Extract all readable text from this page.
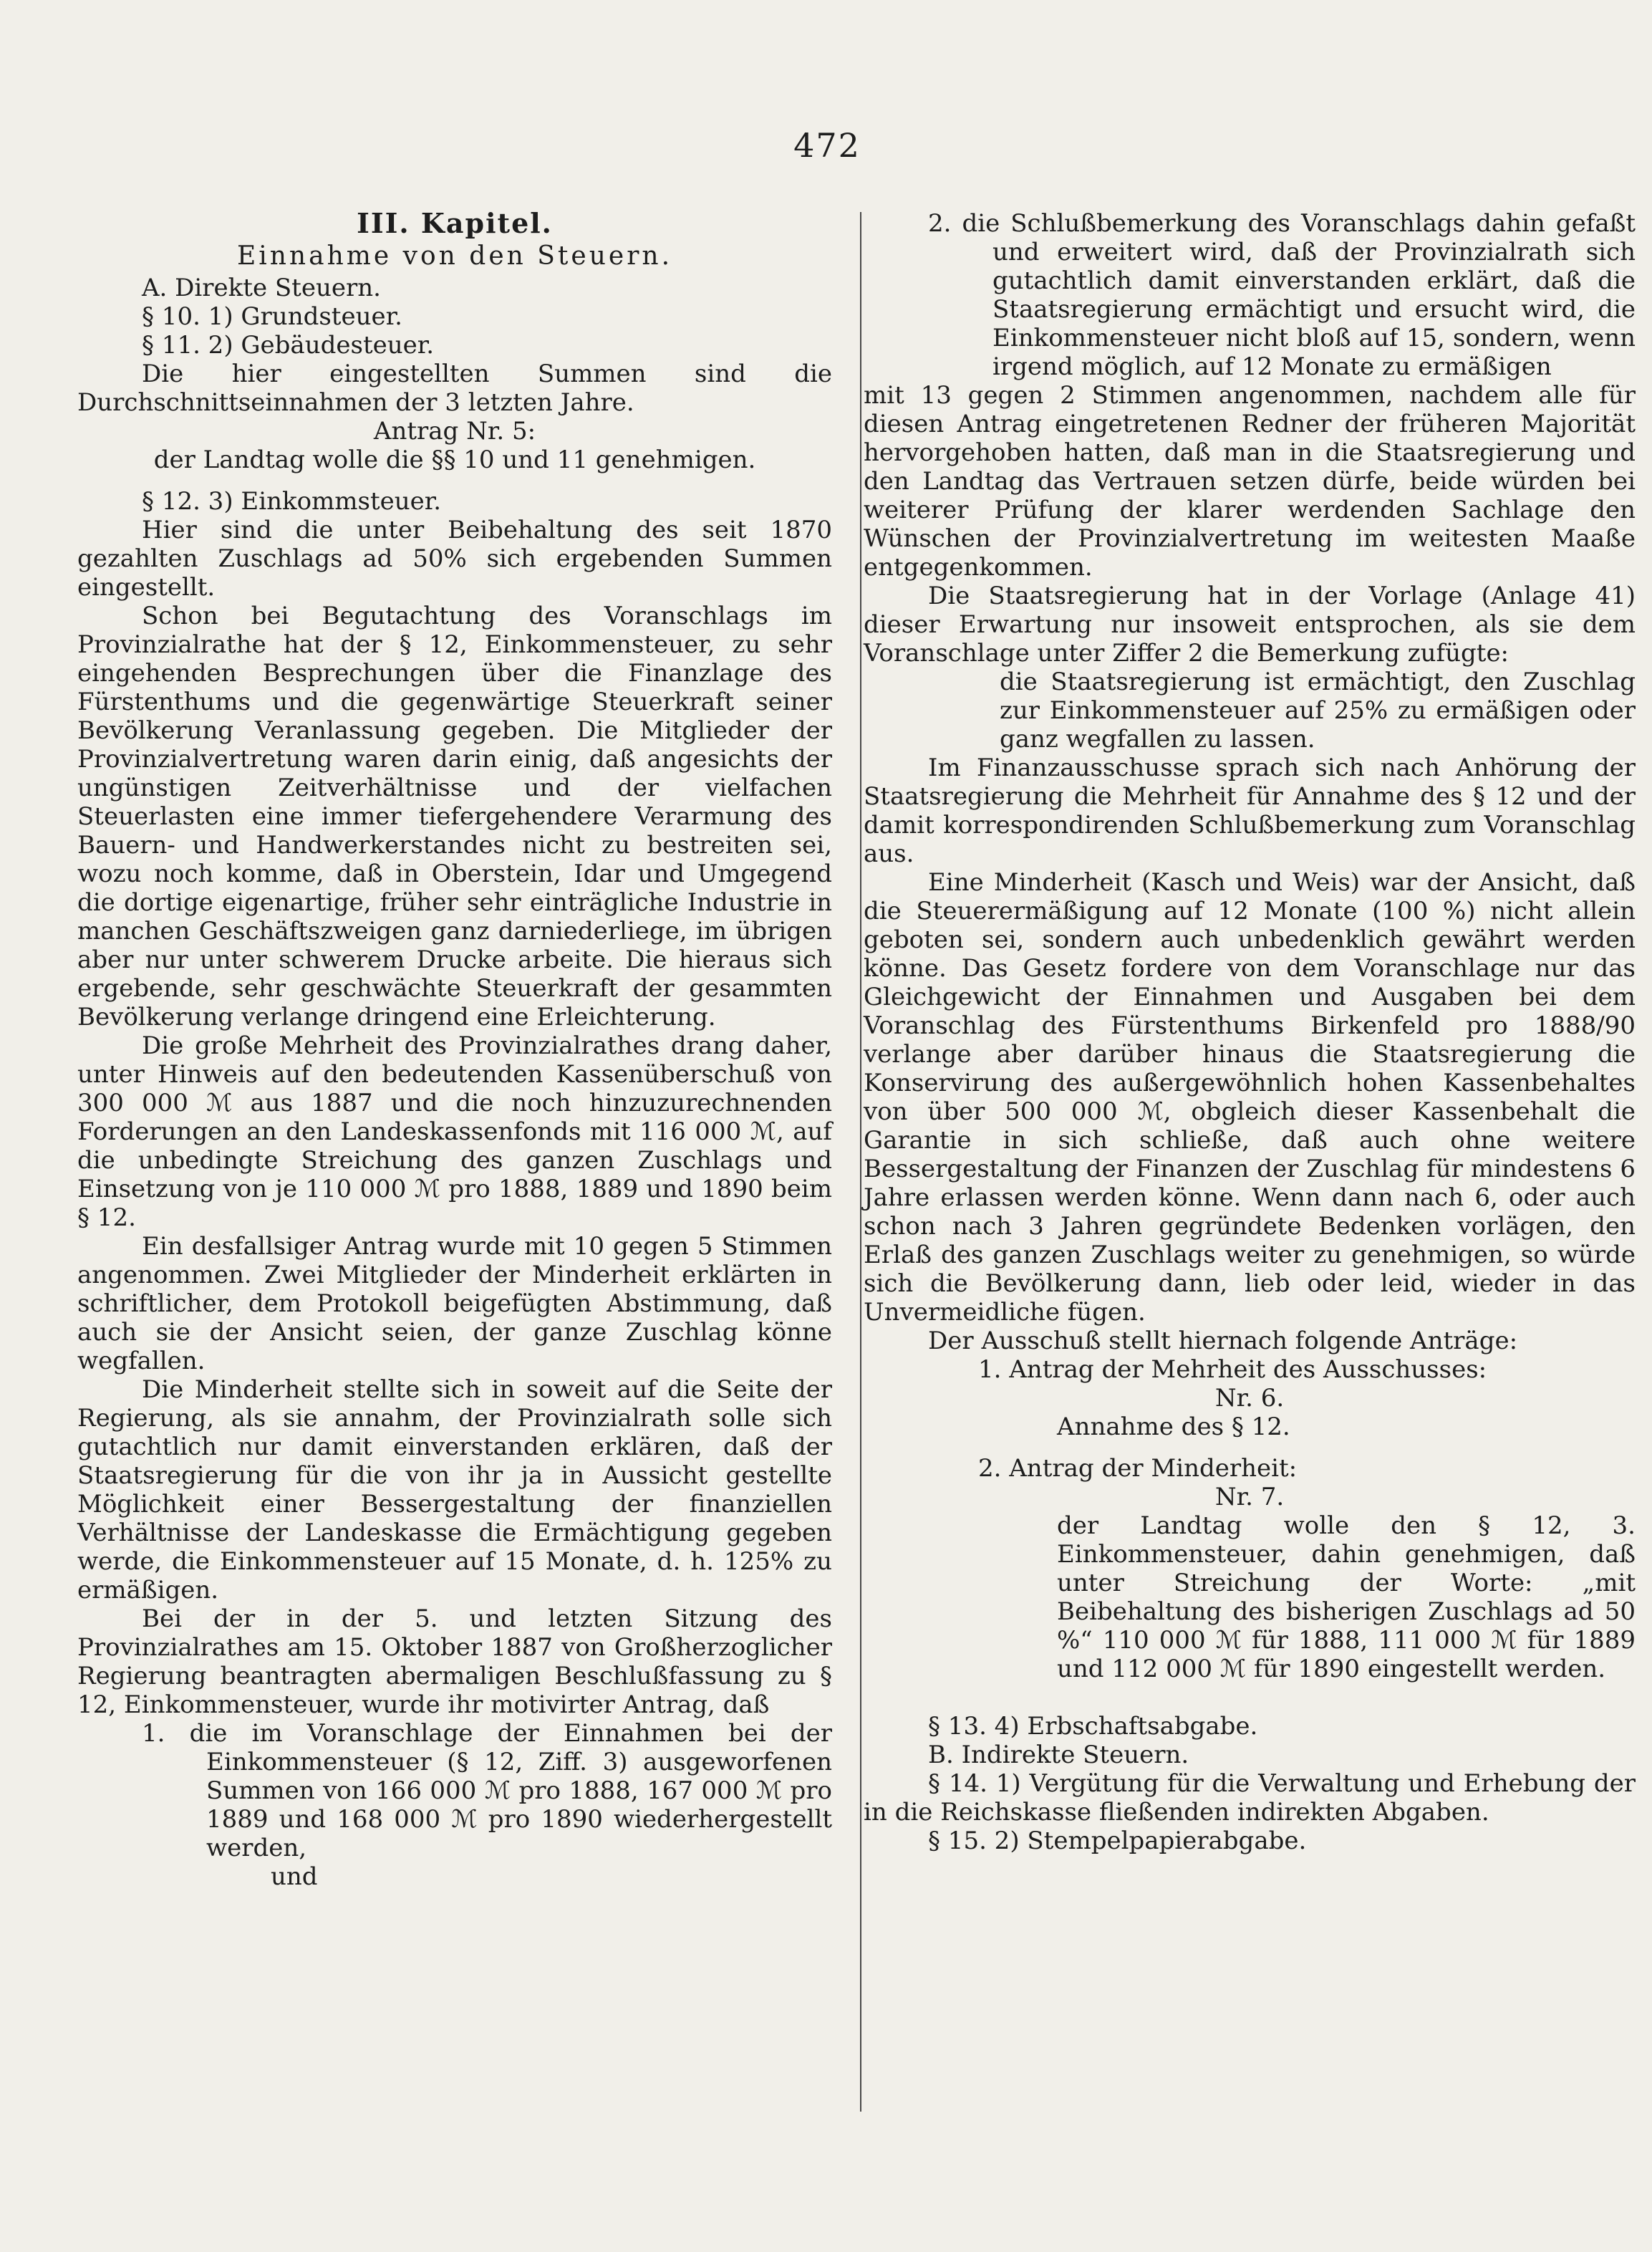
472

III. Kapitel.

Einnahme von den Steuern.

A. Direkte Steuern.

§ 10. 1) Grundsteuer.

§ 11. 2) Gebäudesteuer.

Die hier eingestellten Summen sind die Durchschnittseinnahmen der 3 letzten Jahre.

Antrag Nr. 5:

der Landtag wolle die §§ 10 und 11 genehmigen.

§ 12. 3) Einkommsteuer.

Hier sind die unter Beibehaltung des seit 1870 gezahlten Zuschlags ad 50% sich ergebenden Summen eingestellt.

Schon bei Begutachtung des Voranschlags im Provinzialrathe hat der § 12, Einkommensteuer, zu sehr eingehenden Besprechungen über die Finanzlage des Fürstenthums und die gegenwärtige Steuerkraft seiner Bevölkerung Veranlassung gegeben. Die Mitglieder der Provinzialvertretung waren darin einig, daß angesichts der ungünstigen Zeitverhältnisse und der vielfachen Steuerlasten eine immer tiefergehendere Verarmung des Bauern- und Handwerkerstandes nicht zu bestreiten sei, wozu noch komme, daß in Oberstein, Idar und Umgegend die dortige eigenartige, früher sehr einträgliche Industrie in manchen Geschäftszweigen ganz darniederliege, im übrigen aber nur unter schwerem Drucke arbeite. Die hieraus sich ergebende, sehr geschwächte Steuerkraft der gesammten Bevölkerung verlange dringend eine Erleichterung.

Die große Mehrheit des Provinzialrathes drang daher, unter Hinweis auf den bedeutenden Kassenüberschuß von 300 000 ℳ aus 1887 und die noch hinzuzurechnenden Forderungen an den Landeskassenfonds mit 116 000 ℳ, auf die unbedingte Streichung des ganzen Zuschlags und Einsetzung von je 110 000 ℳ pro 1888, 1889 und 1890 beim § 12.

Ein desfallsiger Antrag wurde mit 10 gegen 5 Stimmen angenommen. Zwei Mitglieder der Minderheit erklärten in schriftlicher, dem Protokoll beigefügten Abstimmung, daß auch sie der Ansicht seien, der ganze Zuschlag könne wegfallen.

Die Minderheit stellte sich in soweit auf die Seite der Regierung, als sie annahm, der Provinzialrath solle sich gutachtlich nur damit einverstanden erklären, daß der Staatsregierung für die von ihr ja in Aussicht gestellte Möglichkeit einer Bessergestaltung der finanziellen Verhältnisse der Landeskasse die Ermächtigung gegeben werde, die Einkommensteuer auf 15 Monate, d. h. 125% zu ermäßigen.

Bei der in der 5. und letzten Sitzung des Provinzialrathes am 15. Oktober 1887 von Großherzoglicher Regierung beantragten abermaligen Beschlußfassung zu § 12, Einkommensteuer, wurde ihr motivirter Antrag, daß

1. die im Voranschlage der Einnahmen bei der Einkommensteuer (§ 12, Ziff. 3) ausgeworfenen Summen von 166 000 ℳ pro 1888, 167 000 ℳ pro 1889 und 168 000 ℳ pro 1890 wiederhergestellt werden,

und

2. die Schlußbemerkung des Voranschlags dahin gefaßt und erweitert wird, daß der Provinzialrath sich gutachtlich damit einverstanden erklärt, daß die Staatsregierung ermächtigt und ersucht wird, die Einkommensteuer nicht bloß auf 15, sondern, wenn irgend möglich, auf 12 Monate zu ermäßigen

mit 13 gegen 2 Stimmen angenommen, nachdem alle für diesen Antrag eingetretenen Redner der früheren Majorität hervorgehoben hatten, daß man in die Staatsregierung und den Landtag das Vertrauen setzen dürfe, beide würden bei weiterer Prüfung der klarer werdenden Sachlage den Wünschen der Provinzialvertretung im weitesten Maaße entgegenkommen.

Die Staatsregierung hat in der Vorlage (Anlage 41) dieser Erwartung nur insoweit entsprochen, als sie dem Voranschlage unter Ziffer 2 die Bemerkung zufügte:

die Staatsregierung ist ermächtigt, den Zuschlag zur Einkommensteuer auf 25% zu ermäßigen oder ganz wegfallen zu lassen.

Im Finanzausschusse sprach sich nach Anhörung der Staatsregierung die Mehrheit für Annahme des § 12 und der damit korrespondirenden Schlußbemerkung zum Voranschlag aus.

Eine Minderheit (Kasch und Weis) war der Ansicht, daß die Steuerermäßigung auf 12 Monate (100 %) nicht allein geboten sei, sondern auch unbedenklich gewährt werden könne. Das Gesetz fordere von dem Voranschlage nur das Gleichgewicht der Einnahmen und Ausgaben bei dem Voranschlag des Fürstenthums Birkenfeld pro 1888/90 verlange aber darüber hinaus die Staatsregierung die Konservirung des außergewöhnlich hohen Kassenbehaltes von über 500 000 ℳ, obgleich dieser Kassenbehalt die Garantie in sich schließe, daß auch ohne weitere Bessergestaltung der Finanzen der Zuschlag für mindestens 6 Jahre erlassen werden könne. Wenn dann nach 6, oder auch schon nach 3 Jahren gegründete Bedenken vorlägen, den Erlaß des ganzen Zuschlags weiter zu genehmigen, so würde sich die Bevölkerung dann, lieb oder leid, wieder in das Unvermeidliche fügen.

Der Ausschuß stellt hiernach folgende Anträge:

1. Antrag der Mehrheit des Ausschusses:

Nr. 6.

Annahme des § 12.

2. Antrag der Minderheit:

Nr. 7.

der Landtag wolle den § 12, 3. Einkommensteuer, dahin genehmigen, daß unter Streichung der Worte: „mit Beibehaltung des bisherigen Zuschlags ad 50 %“ 110 000 ℳ für 1888, 111 000 ℳ für 1889 und 112 000 ℳ für 1890 eingestellt werden.

§ 13. 4) Erbschaftsabgabe.

B. Indirekte Steuern.

§ 14. 1) Vergütung für die Verwaltung und Erhebung der in die Reichskasse fließenden indirekten Abgaben.

§ 15. 2) Stempelpapierabgabe.
